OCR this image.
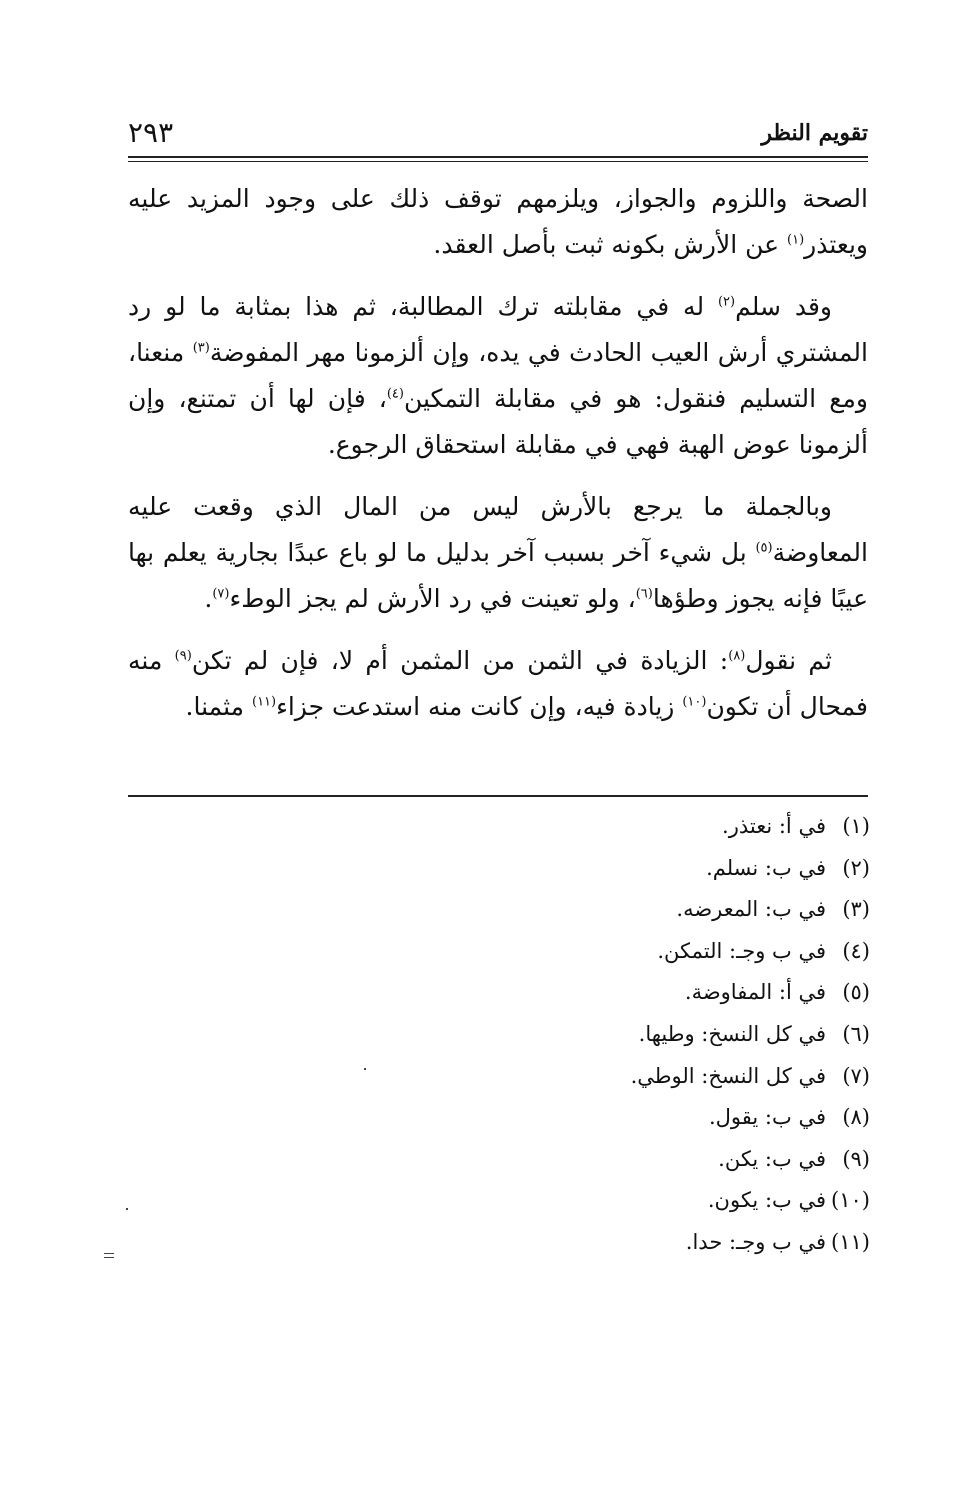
تقويم النظر
٢٩٣

الصحة واللزوم والجواز، ويلزمهم توقف ذلك على وجود المزيد عليه ويعتذر$^{(١)}$ عن الأرش بكونه ثبت بأصل العقد.

وقد سلم$^{(٢)}$ له في مقابلته ترك المطالبة، ثم هذا بمثابة ما لو رد المشتري أرش العيب الحادث في يده، وإن ألزمونا مهر المفوضة$^{(٣)}$ منعنا، ومع التسليم فنقول: هو في مقابلة التمكين$^{(٤)}$، فإن لها أن تمتنع، وإن ألزمونا عوض الهبة فهي في مقابلة استحقاق الرجوع.

وبالجملة ما يرجع بالأرش ليس من المال الذي وقعت عليه المعاوضة$^{(٥)}$ بل شيء آخر بسبب آخر بدليل ما لو باع عبدًا بجارية يعلم بها عيبًا فإنه يجوز وطؤها$^{(٦)}$، ولو تعينت في رد الأرش لم يجز الوطء$^{(٧)}$.

ثم نقول$^{(٨)}$: الزيادة في الثمن من المثمن أم لا، فإن لم تكن$^{(٩)}$ منه فمحال أن تكون$^{(١٠)}$ زيادة فيه، وإن كانت منه استدعت جزاء$^{(١١)}$ مثمنا.

(١)في أ: نعتذر.
(٢)في ب: نسلم.
(٣)في ب: المعرضه.
(٤)في ب وجـ: التمكن.
(٥)في أ: المفاوضة.
(٦)في كل النسخ: وطيها.
(٧)في كل النسخ: الوطي.
(٨)في ب: يقول.
(٩)في ب: يكن.
(١٠)في ب: يكون.
(١١)في ب وجـ: حدا.
